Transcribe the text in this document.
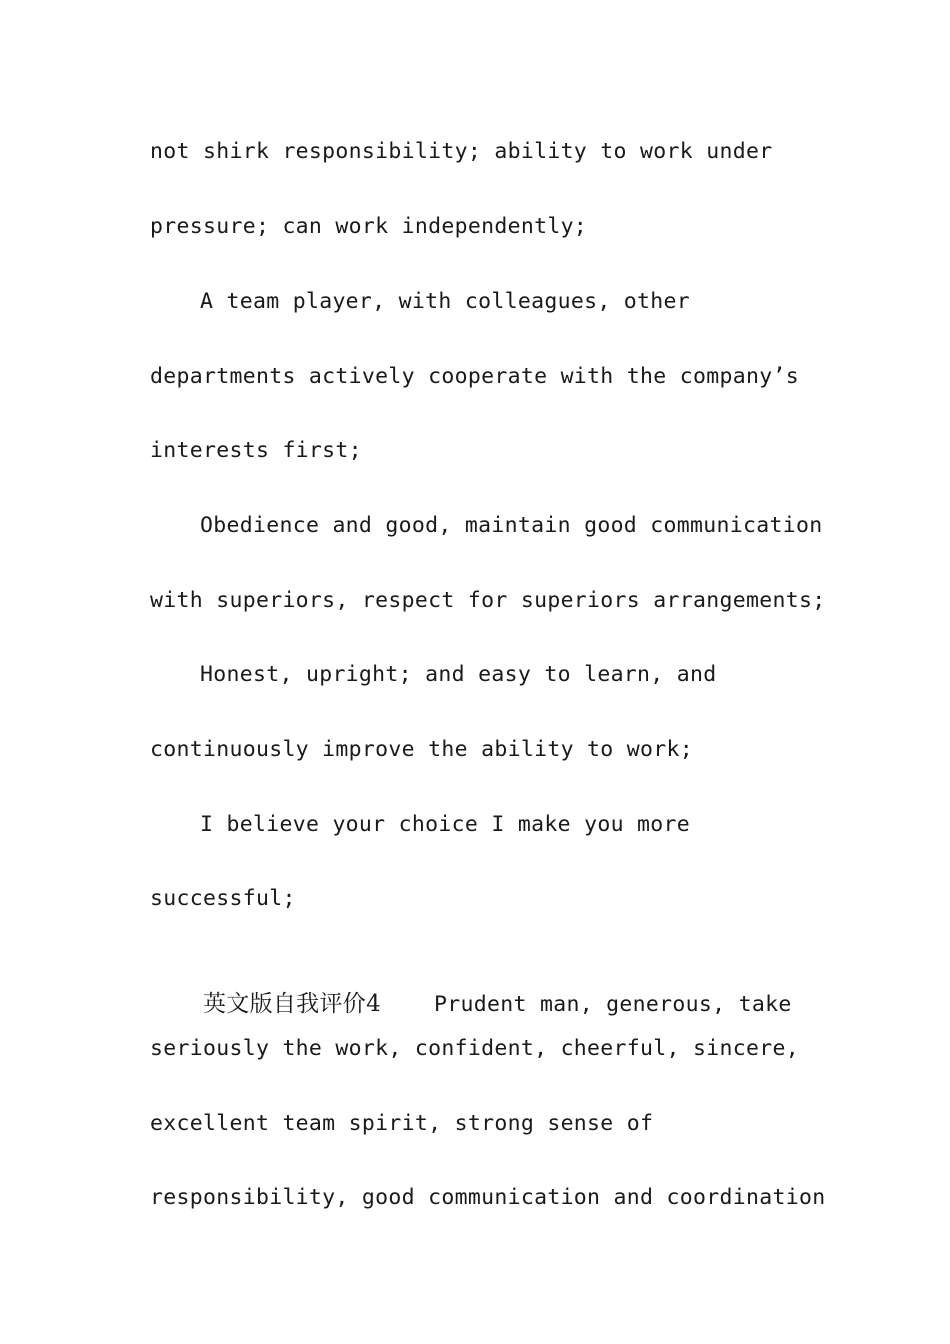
not shirk responsibility; ability to work under
pressure; can work independently;
A team player, with colleagues, other
departments actively cooperate with the company’s
interests first;
Obedience and good, maintain good communication
with superiors, respect for superiors arrangements;
Honest, upright; and easy to learn, and
continuously improve the ability to work;
I believe your choice I make you more
successful;

英文版自我评价4    Prudent man, generous, take

seriously the work, confident, cheerful, sincere,
excellent team spirit, strong sense of
responsibility, good communication and coordination
